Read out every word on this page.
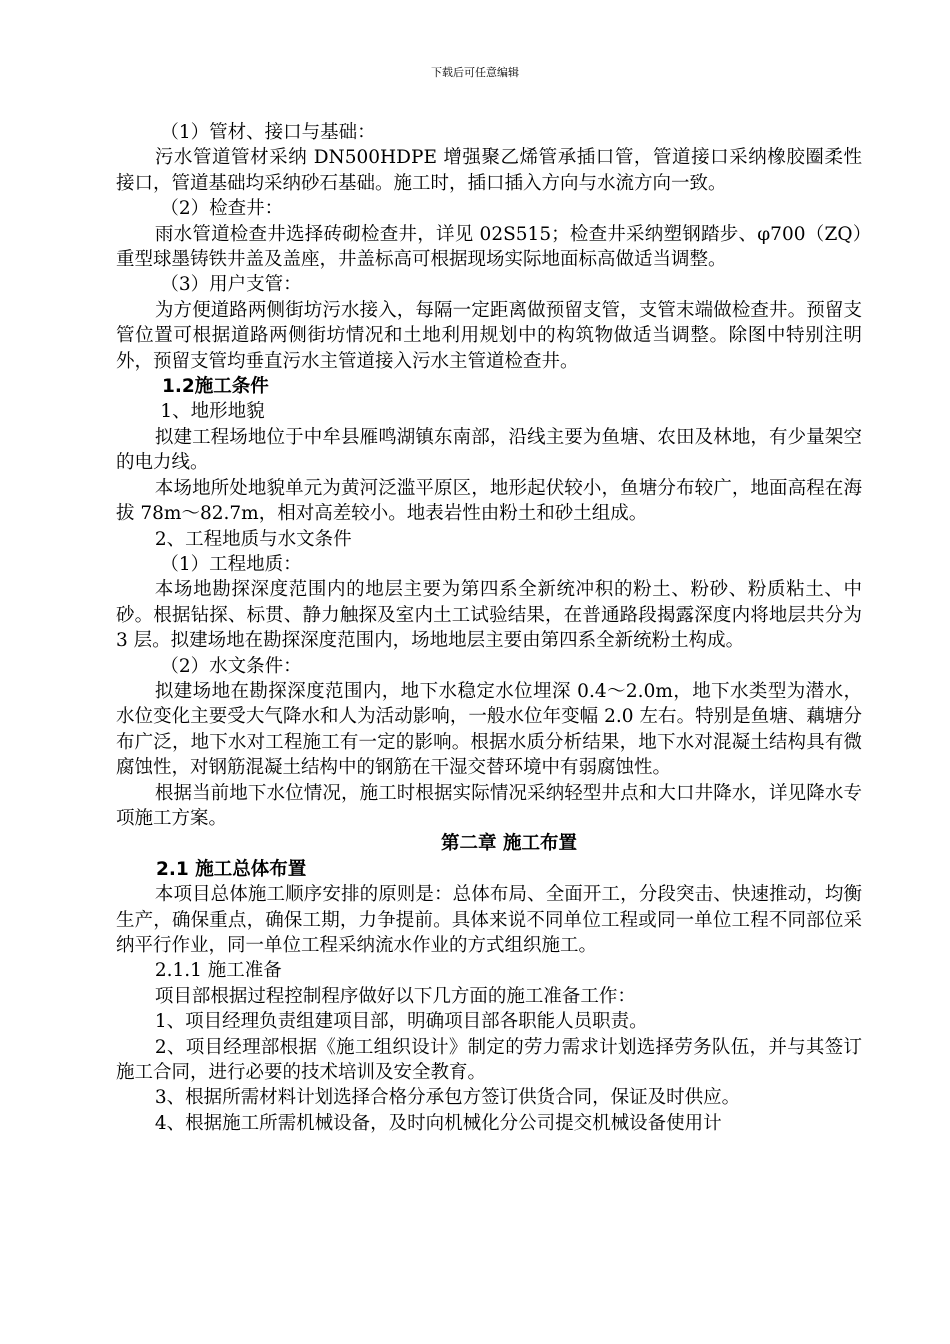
下载后可任意编辑

（1）管材、接口与基础：

污水管道管材采纳 DN500HDPE 增强聚乙烯管承插口管，管道接口采纳橡胶圈柔性接口，管道基础均采纳砂石基础。施工时，插口插入方向与水流方向一致。

（2）检查井：

雨水管道检查井选择砖砌检查井，详见 02S515；检查井采纳塑钢踏步、φ700（ZQ）重型球墨铸铁井盖及盖座，井盖标高可根据现场实际地面标高做适当调整。

（3）用户支管：

为方便道路两侧街坊污水接入，每隔一定距离做预留支管，支管末端做检查井。预留支管位置可根据道路两侧街坊情况和土地利用规划中的构筑物做适当调整。除图中特别注明外，预留支管均垂直污水主管道接入污水主管道检查井。

1.2施工条件

1、地形地貌

拟建工程场地位于中牟县雁鸣湖镇东南部，沿线主要为鱼塘、农田及林地，有少量架空的电力线。

本场地所处地貌单元为黄河泛滥平原区，地形起伏较小，鱼塘分布较广，地面高程在海拔 78m～82.7m，相对高差较小。地表岩性由粉土和砂土组成。

2、工程地质与水文条件

（1）工程地质：

本场地勘探深度范围内的地层主要为第四系全新统冲积的粉土、粉砂、粉质粘土、中砂。根据钻探、标贯、静力触探及室内土工试验结果，在普通路段揭露深度内将地层共分为 3 层。拟建场地在勘探深度范围内，场地地层主要由第四系全新统粉土构成。

（2）水文条件：

拟建场地在勘探深度范围内，地下水稳定水位埋深 0.4～2.0m，地下水类型为潜水，水位变化主要受大气降水和人为活动影响，一般水位年变幅 2.0 左右。特别是鱼塘、藕塘分布广泛，地下水对工程施工有一定的影响。根据水质分析结果，地下水对混凝土结构具有微腐蚀性，对钢筋混凝土结构中的钢筋在干湿交替环境中有弱腐蚀性。

根据当前地下水位情况，施工时根据实际情况采纳轻型井点和大口井降水，详见降水专项施工方案。

第二章 施工布置

2.1 施工总体布置

本项目总体施工顺序安排的原则是：总体布局、全面开工，分段突击、快速推动，均衡生产，确保重点，确保工期，力争提前。具体来说不同单位工程或同一单位工程不同部位采纳平行作业，同一单位工程采纳流水作业的方式组织施工。

2.1.1 施工准备

项目部根据过程控制程序做好以下几方面的施工准备工作：

1、项目经理负责组建项目部，明确项目部各职能人员职责。

2、项目经理部根据《施工组织设计》制定的劳力需求计划选择劳务队伍，并与其签订施工合同，进行必要的技术培训及安全教育。

3、根据所需材料计划选择合格分承包方签订供货合同，保证及时供应。

4、根据施工所需机械设备，及时向机械化分公司提交机械设备使用计
